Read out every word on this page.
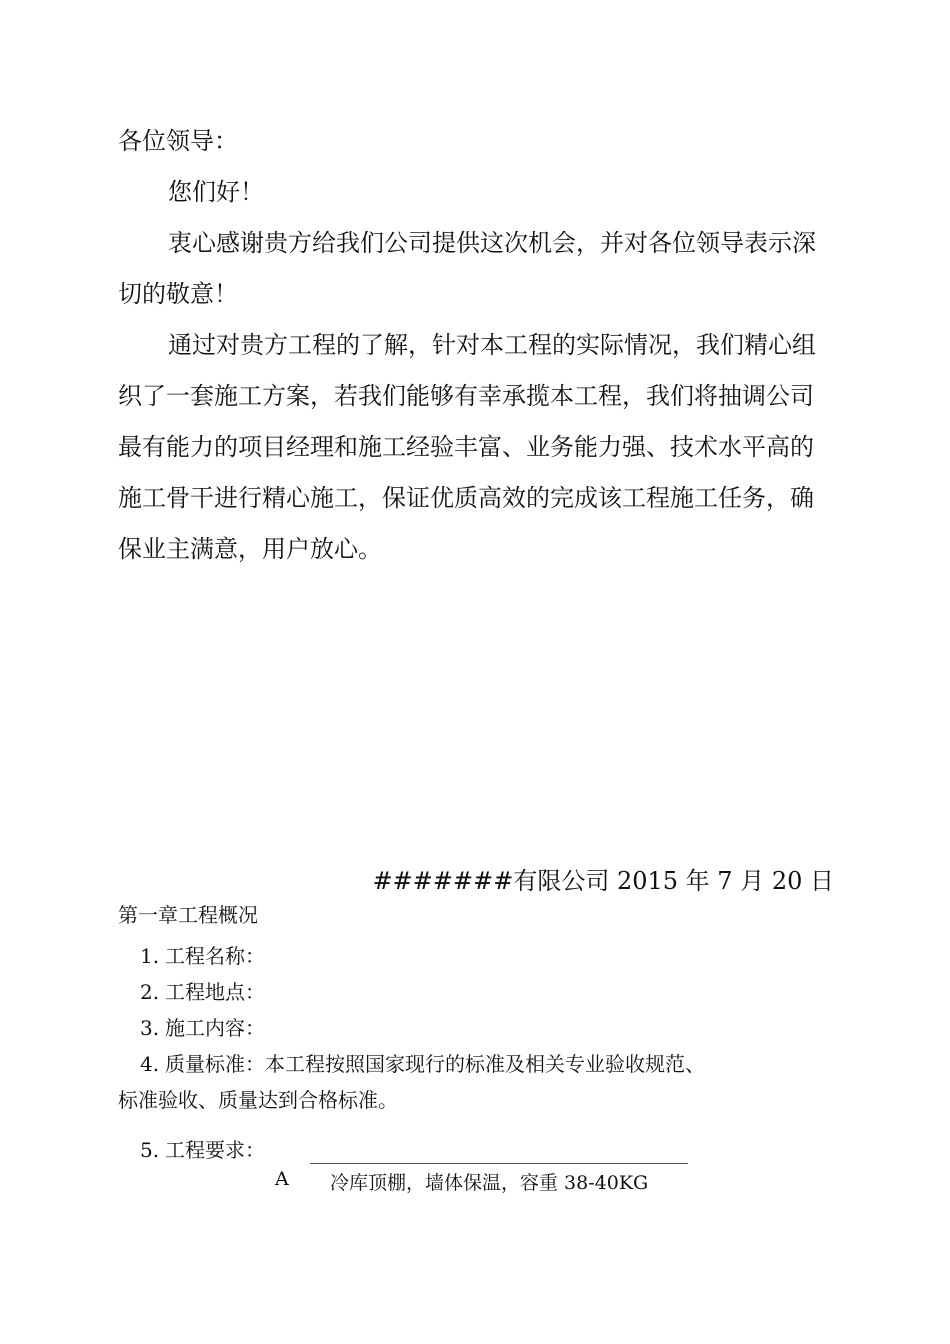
各位领导：

您们好！

衷心感谢贵方给我们公司提供这次机会，并对各位领导表示深切的敬意！

通过对贵方工程的了解，针对本工程的实际情况，我们精心组织了一套施工方案，若我们能够有幸承揽本工程，我们将抽调公司最有能力的项目经理和施工经验丰富、业务能力强、技术水平高的施工骨干进行精心施工，保证优质高效的完成该工程施工任务，确保业主满意，用户放心。

#######有限公司 2015 年 7 月 20 日
第一章工程概况
1. 工程名称：
2. 工程地点：
3. 施工内容：
4. 质量标准：本工程按照国家现行的标准及相关专业验收规范、
标准验收、质量达到合格标准。
5. 工程要求：
A 冷库顶棚，墙体保温，容重 38-40KG
